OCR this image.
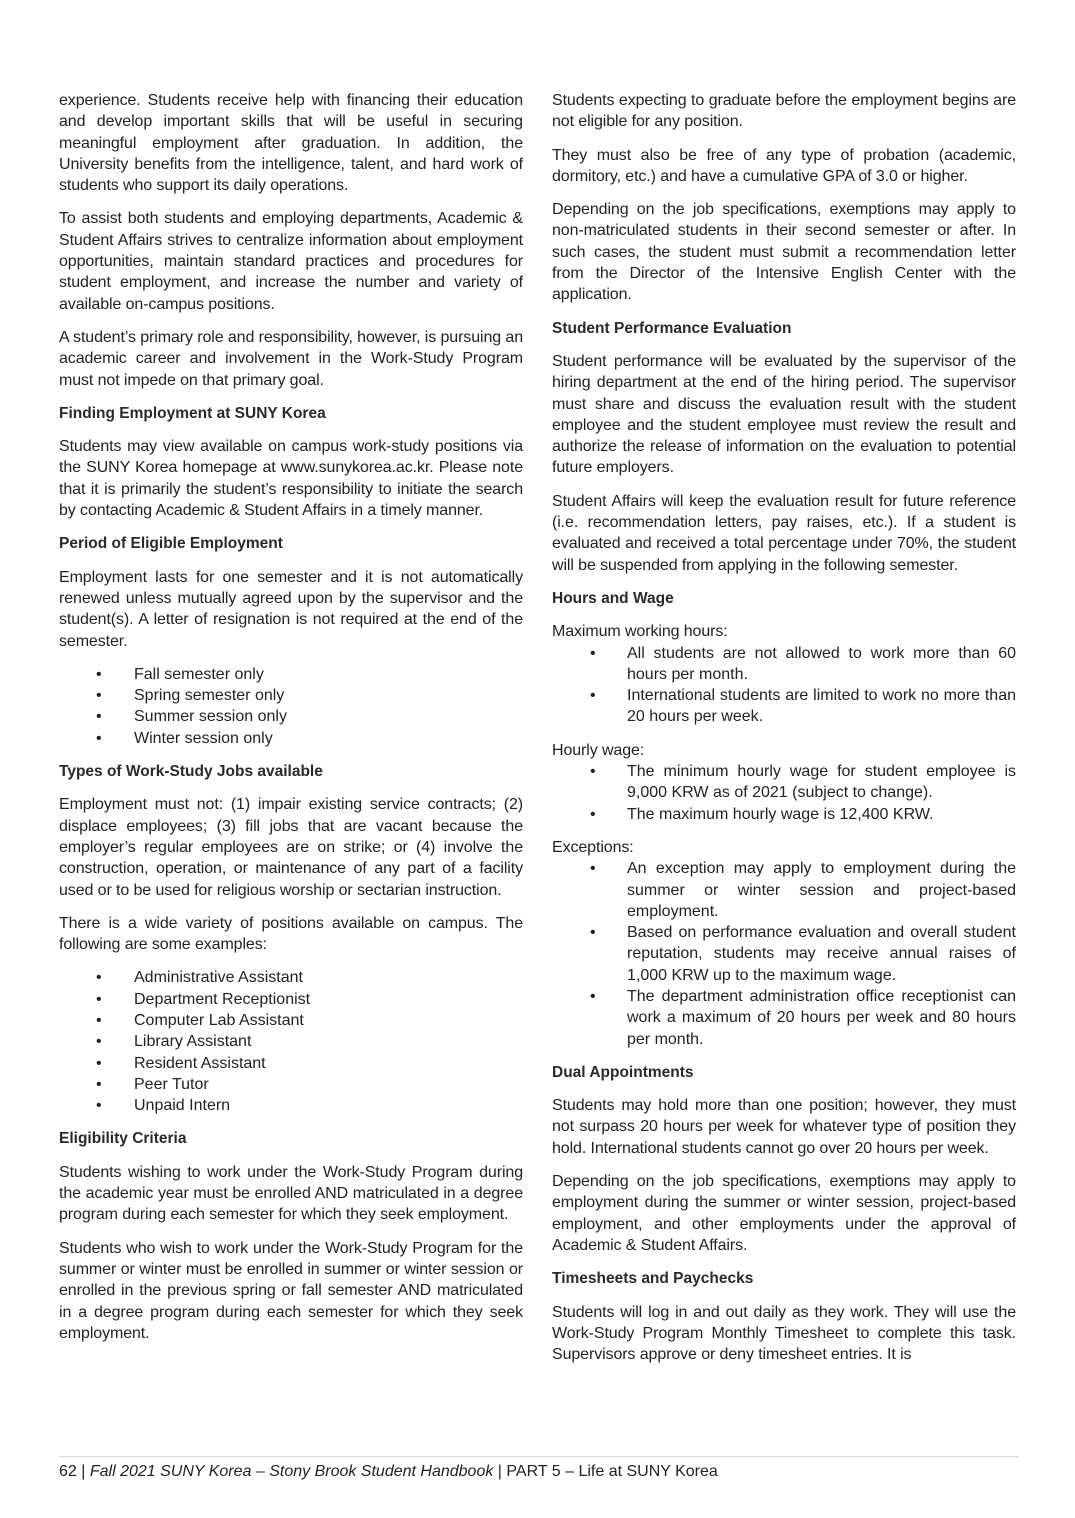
experience. Students receive help with financing their education and develop important skills that will be useful in securing meaningful employment after graduation. In addition, the University benefits from the intelligence, talent, and hard work of students who support its daily operations.

To assist both students and employing departments, Academic & Student Affairs strives to centralize information about employment opportunities, maintain standard practices and procedures for student employment, and increase the number and variety of available on-campus positions.

A student’s primary role and responsibility, however, is pursuing an academic career and involvement in the Work-Study Program must not impede on that primary goal.

Finding Employment at SUNY Korea

Students may view available on campus work-study positions via the SUNY Korea homepage at www.sunykorea.ac.kr. Please note that it is primarily the student’s responsibility to initiate the search by contacting Academic & Student Affairs in a timely manner.

Period of Eligible Employment

Employment lasts for one semester and it is not automatically renewed unless mutually agreed upon by the supervisor and the student(s). A letter of resignation is not required at the end of the semester.

• Fall semester only
• Spring semester only
• Summer session only
• Winter session only
Types of Work-Study Jobs available

Employment must not: (1) impair existing service contracts; (2) displace employees; (3) fill jobs that are vacant because the employer’s regular employees are on strike; or (4) involve the construction, operation, or maintenance of any part of a facility used or to be used for religious worship or sectarian instruction.

There is a wide variety of positions available on campus. The following are some examples:

• Administrative Assistant
• Department Receptionist
• Computer Lab Assistant
• Library Assistant
• Resident Assistant
• Peer Tutor
• Unpaid Intern
Eligibility Criteria

Students wishing to work under the Work-Study Program during the academic year must be enrolled AND matriculated in a degree program during each semester for which they seek employment.

Students who wish to work under the Work-Study Program for the summer or winter must be enrolled in summer or winter session or enrolled in the previous spring or fall semester AND matriculated in a degree program during each semester for which they seek employment.

Students expecting to graduate before the employment begins are not eligible for any position.

They must also be free of any type of probation (academic, dormitory, etc.) and have a cumulative GPA of 3.0 or higher.

Depending on the job specifications, exemptions may apply to non-matriculated students in their second semester or after. In such cases, the student must submit a recommendation letter from the Director of the Intensive English Center with the application.

Student Performance Evaluation

Student performance will be evaluated by the supervisor of the hiring department at the end of the hiring period. The supervisor must share and discuss the evaluation result with the student employee and the student employee must review the result and authorize the release of information on the evaluation to potential future employers.

Student Affairs will keep the evaluation result for future reference (i.e. recommendation letters, pay raises, etc.). If a student is evaluated and received a total percentage under 70%, the student will be suspended from applying in the following semester.

Hours and Wage

Maximum working hours:

• All students are not allowed to work more than 60 hours per month.
• International students are limited to work no more than 20 hours per week.

Hourly wage:

• The minimum hourly wage for student employee is 9,000 KRW as of 2021 (subject to change).
• The maximum hourly wage is 12,400 KRW.

Exceptions:

• An exception may apply to employment during the summer or winter session and project-based employment.
• Based on performance evaluation and overall student reputation, students may receive annual raises of 1,000 KRW up to the maximum wage.
• The department administration office receptionist can work a maximum of 20 hours per week and 80 hours per month.
Dual Appointments

Students may hold more than one position; however, they must not surpass 20 hours per week for whatever type of position they hold. International students cannot go over 20 hours per week.

Depending on the job specifications, exemptions may apply to employment during the summer or winter session, project-based employment, and other employments under the approval of Academic & Student Affairs.

Timesheets and Paychecks

Students will log in and out daily as they work. They will use the Work-Study Program Monthly Timesheet to complete this task. Supervisors approve or deny timesheet entries. It is

62 | Fall 2021 SUNY Korea – Stony Brook Student Handbook | PART 5 – Life at SUNY Korea
